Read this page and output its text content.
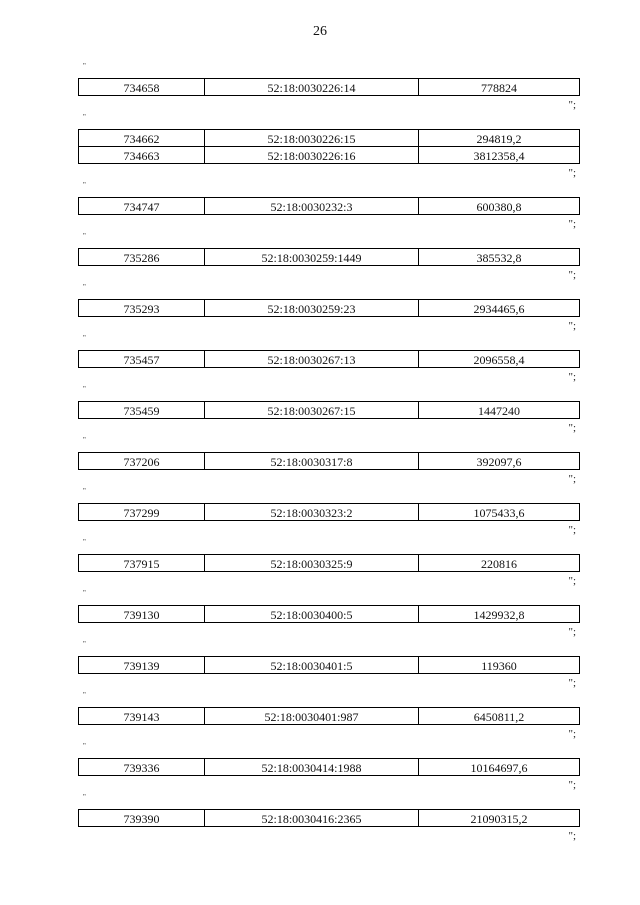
26
"
734658	52:18:0030226:14	778824
";
"
734662	52:18:0030226:15	294819,2
734663	52:18:0030226:16	3812358,4
";
"
734747	52:18:0030232:3	600380,8
";
"
735286	52:18:0030259:1449	385532,8
";
"
735293	52:18:0030259:23	2934465,6
";
"
735457	52:18:0030267:13	2096558,4
";
"
735459	52:18:0030267:15	1447240
";
"
737206	52:18:0030317:8	392097,6
";
"
737299	52:18:0030323:2	1075433,6
";
"
737915	52:18:0030325:9	220816
";
"
739130	52:18:0030400:5	1429932,8
";
"
739139	52:18:0030401:5	119360
";
"
739143	52:18:0030401:987	6450811,2
";
"
739336	52:18:0030414:1988	10164697,6
";
"
739390	52:18:0030416:2365	21090315,2
";
